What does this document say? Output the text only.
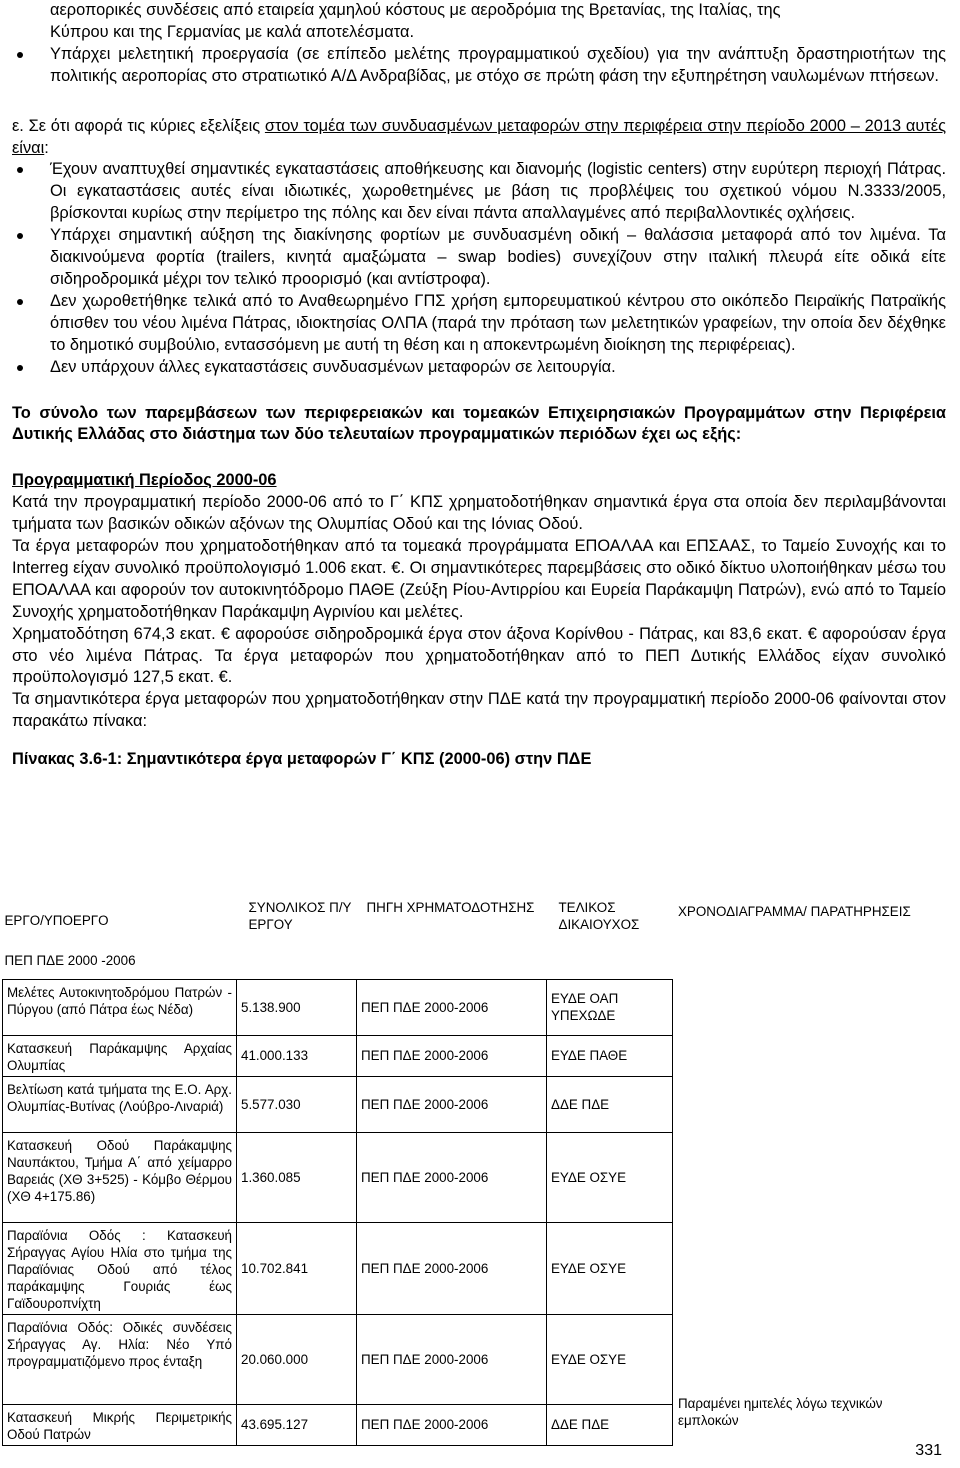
αεροπορικές συνδέσεις από εταιρεία χαμηλού κόστους με αεροδρόμια της Βρετανίας, της Ιταλίας, της

Κύπρου και της Γερμανίας με καλά αποτελέσματα.

Υπάρχει μελετητική προεργασία (σε επίπεδο μελέτης προγραμματικού σχεδίου) για την ανάπτυξη δραστηριοτήτων της πολιτικής αεροπορίας στο στρατιωτικό Α/Δ Ανδραβίδας, με στόχο σε πρώτη φάση την εξυπηρέτηση ναυλωμένων πτήσεων.

ε. Σε ότι αφορά τις κύριες εξελίξεις στον τομέα των συνδυασμένων μεταφορών στην περιφέρεια στην περίοδο 2000 – 2013 αυτές είναι:

Έχουν αναπτυχθεί σημαντικές εγκαταστάσεις αποθήκευσης και διανομής (logistic centers) στην ευρύτερη περιοχή Πάτρας. Οι εγκαταστάσεις αυτές είναι ιδιωτικές, χωροθετημένες με βάση τις προβλέψεις του σχετικού νόμου Ν.3333/2005, βρίσκονται κυρίως στην περίμετρο της πόλης και δεν είναι πάντα απαλλαγμένες από περιβαλλοντικές οχλήσεις.
Υπάρχει σημαντική αύξηση της διακίνησης φορτίων με συνδυασμένη οδική – θαλάσσια μεταφορά από τον λιμένα. Τα διακινούμενα φορτία (trailers, κινητά αμαξώματα – swap bodies) συνεχίζουν στην ιταλική πλευρά είτε οδικά είτε σιδηροδρομικά μέχρι τον τελικό προορισμό (και αντίστροφα).
Δεν χωροθετήθηκε τελικά από το Αναθεωρημένο ΓΠΣ χρήση εμπορευματικού κέντρου στο οικόπεδο Πειραϊκής Πατραϊκής όπισθεν του νέου λιμένα Πάτρας, ιδιοκτησίας ΟΛΠΑ (παρά την πρόταση των μελετητικών γραφείων, την οποία δεν δέχθηκε το δημοτικό συμβούλιο, εντασσόμενη με αυτή τη θέση και η αποκεντρωμένη διοίκηση της περιφέρειας).
Δεν υπάρχουν άλλες εγκαταστάσεις συνδυασμένων μεταφορών σε λειτουργία.

Το σύνολο των παρεμβάσεων των περιφερειακών και τομεακών Επιχειρησιακών Προγραμμάτων στην Περιφέρεια Δυτικής Ελλάδας στο διάστημα των δύο τελευταίων προγραμματικών περιόδων έχει ως εξής:

Προγραμματική Περίοδος 2000-06

Κατά την προγραμματική περίοδο 2000-06 από το Γ΄ ΚΠΣ χρηματοδοτήθηκαν σημαντικά έργα στα οποία δεν περιλαμβάνονται τμήματα των βασικών οδικών αξόνων της Ολυμπίας Οδού και της Ιόνιας Οδού.

Τα έργα μεταφορών που χρηματοδοτήθηκαν από τα τομεακά προγράμματα ΕΠΟΑΛΑΑ και ΕΠΣΑΑΣ, το Ταμείο Συνοχής και το Interreg είχαν συνολικό προϋπολογισμό 1.006 εκατ. €. Οι σημαντικότερες παρεμβάσεις στο οδικό δίκτυο υλοποιήθηκαν μέσω του ΕΠΟΑΛΑΑ και αφορούν τον αυτοκινητόδρομο ΠΑΘΕ (Ζεύξη Ρίου-Αντιρρίου και Ευρεία Παράκαμψη Πατρών), ενώ από το Ταμείο Συνοχής χρηματοδοτήθηκαν Παράκαμψη Αγρινίου και μελέτες.

Χρηματοδότηση 674,3 εκατ. € αφορούσε σιδηροδρομικά έργα στον άξονα Κορίνθου - Πάτρας, και 83,6 εκατ. € αφορούσαν έργα στο νέο λιμένα Πάτρας. Τα έργα μεταφορών που χρηματοδοτήθηκαν από το ΠΕΠ Δυτικής Ελλάδος είχαν συνολικό προϋπολογισμό 127,5 εκατ. €.

Τα σημαντικότερα έργα μεταφορών που χρηματοδοτήθηκαν στην ΠΔΕ κατά την προγραμματική περίοδο 2000-06 φαίνονται στον παρακάτω πίνακα:

Πίνακας 3.6-1: Σημαντικότερα έργα μεταφορών Γ΄ ΚΠΣ (2000-06) στην ΠΔΕ

ΕΡΓΟ/ΥΠΟΕΡΓΟ	ΣΥΝΟΛΙΚΟΣ Π/Υ ΕΡΓΟΥ	ΠΗΓΗ ΧΡΗΜΑΤΟΔΟΤΗΣΗΣ	ΤΕΛΙΚΟΣ ΔΙΚΑΙΟΥΧΟΣ
ΠΕΠ ΠΔΕ 2000 -2006			
Μελέτες Αυτοκινητοδρόμου Πατρών - Πύργου (από Πάτρα έως Νέδα)	5.138.900	ΠΕΠ ΠΔΕ 2000-2006	ΕΥΔΕ ΟΑΠ ΥΠΕΧΩΔΕ
Κατασκευή Παράκαμψης Αρχαίας Ολυμπίας	41.000.133	ΠΕΠ ΠΔΕ 2000-2006	ΕΥΔΕ ΠΑΘΕ
Βελτίωση κατά τμήματα της Ε.Ο. Αρχ. Ολυμπίας-Βυτίνας (Λούβρο-Λιναριά)	5.577.030	ΠΕΠ ΠΔΕ 2000-2006	ΔΔΕ ΠΔΕ
Κατασκευή Οδού Παράκαμψης Ναυπάκτου, Τμήμα Α΄ από χείμαρρο Βαρειάς (ΧΘ 3+525) - Κόμβο Θέρμου (ΧΘ 4+175.86)	1.360.085	ΠΕΠ ΠΔΕ 2000-2006	ΕΥΔΕ ΟΣΥΕ
Παραϊόνια Οδός : Κατασκευή Σήραγγας Αγίου Ηλία στο τμήμα της Παραϊόνιας Οδού από τέλος παράκαμψης Γουριάς έως Γαϊδουροπνίχτη	10.702.841	ΠΕΠ ΠΔΕ 2000-2006	ΕΥΔΕ ΟΣΥΕ
Παραϊόνια Οδός: Οδικές συνδέσεις Σήραγγας Αγ. Ηλία: Νέο Υπό προγραμματιζόμενο προς ένταξη	20.060.000	ΠΕΠ ΠΔΕ 2000-2006	ΕΥΔΕ ΟΣΥΕ
Κατασκευή Μικρής Περιμετρικής Οδού Πατρών	43.695.127	ΠΕΠ ΠΔΕ 2000-2006	ΔΔΕ ΠΔΕ
ΧΡΟΝΟΔΙΑΓΡΑΜΜΑ/ ΠΑΡΑΤΗΡΗΣΕΙΣ
Παραμένει ημιτελές λόγω τεχνικών εμπλοκών
331
